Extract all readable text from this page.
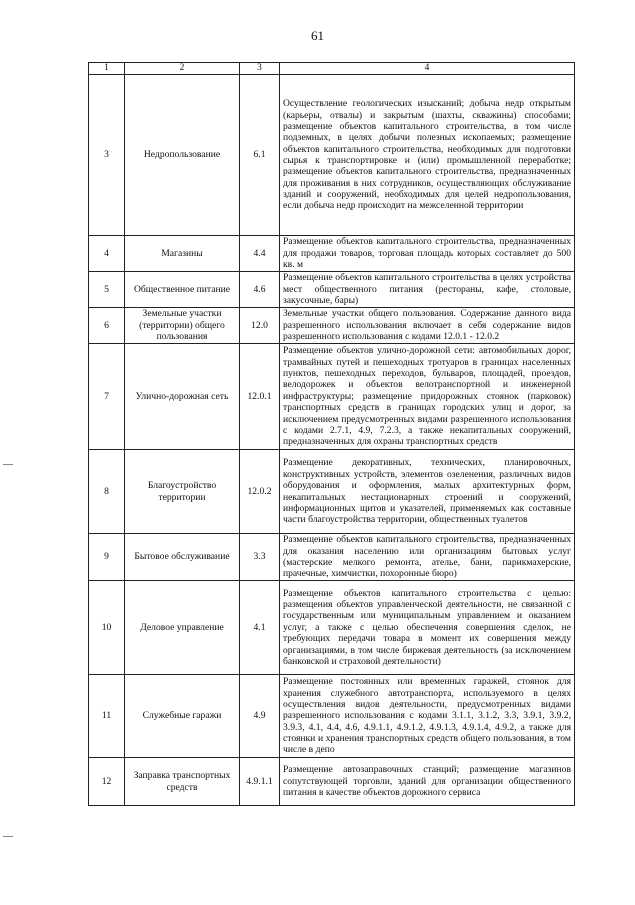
61
1	2	3	4
3	Недропользование	6.1	Осуществление геологических изысканий; добыча недр открытым (карьеры, отвалы) и закрытым (шахты, скважины) способами; размещение объектов капитального строительства, в том числе подземных, в целях добычи полезных ископаемых; размещение объектов капитального строительства, необходимых для подготовки сырья к транспортировке и (или) промышленной переработке; размещение объектов капитального строительства, предназначенных для проживания в них сотрудников, осуществляющих обслуживание зданий и сооружений, необходимых для целей недропользования, если добыча недр происходит на межселенной территории
4	Магазины	4.4	Размещение объектов капитального строительства, предназначенных для продажи товаров, торговая площадь которых составляет до 500 кв. м
5	Общественное питание	4.6	Размещение объектов капитального строительства в целях устройства мест общественного питания (рестораны, кафе, столовые, закусочные, бары)
6	Земельные участки (территории) общего пользования	12.0	Земельные участки общего пользования. Содержание данного вида разрешенного использования включает в себя содержание видов разрешенного использования с кодами 12.0.1 - 12.0.2
7	Улично-дорожная сеть	12.0.1	Размещение объектов улично-дорожной сети: автомобильных дорог, трамвайных путей и пешеходных тротуаров в границах населенных пунктов, пешеходных переходов, бульваров, площадей, проездов, велодорожек и объектов велотранспортной и инженерной инфраструктуры; размещение придорожных стоянок (парковок) транспортных средств в границах городских улиц и дорог, за исключением предусмотренных видами разрешенного использования с кодами 2.7.1, 4.9, 7.2.3, а также некапитальных сооружений, предназначенных для охраны транспортных средств
8	Благоустройство территории	12.0.2	Размещение декоративных, технических, планировочных, конструктивных устройств, элементов озеленения, различных видов оборудования и оформления, малых архитектурных форм, некапитальных нестационарных строений и сооружений, информационных щитов и указателей, применяемых как составные части благоустройства территории, общественных туалетов
9	Бытовое обслуживание	3.3	Размещение объектов капитального строительства, предназначенных для оказания населению или организациям бытовых услуг (мастерские мелкого ремонта, ателье, бани, парикмахерские, прачечные, химчистки, похоронные бюро)
10	Деловое управление	4.1	Размещение объектов капитального строительства с целью: размещения объектов управленческой деятельности, не связанной с государственным или муниципальным управлением и оказанием услуг, а также с целью обеспечения совершения сделок, не требующих передачи товара в момент их совершения между организациями, в том числе биржевая деятельность (за исключением банковской и страховой деятельности)
11	Служебные гаражи	4.9	Размещение постоянных или временных гаражей, стоянок для хранения служебного автотранспорта, используемого в целях осуществления видов деятельности, предусмотренных видами разрешенного использования с кодами 3.1.1, 3.1.2, 3.3, 3.9.1, 3.9.2, 3.9.3, 4.1, 4.4, 4.6, 4.9.1.1, 4.9.1.2, 4.9.1.3, 4.9.1.4, 4.9.2, а также для стоянки и хранения транспортных средств общего пользования, в том числе в депо
12	Заправка транспортных средств	4.9.1.1	Размещение автозаправочных станций; размещение магазинов сопутствующей торговли, зданий для организации общественного питания в качестве объектов дорожного сервиса
